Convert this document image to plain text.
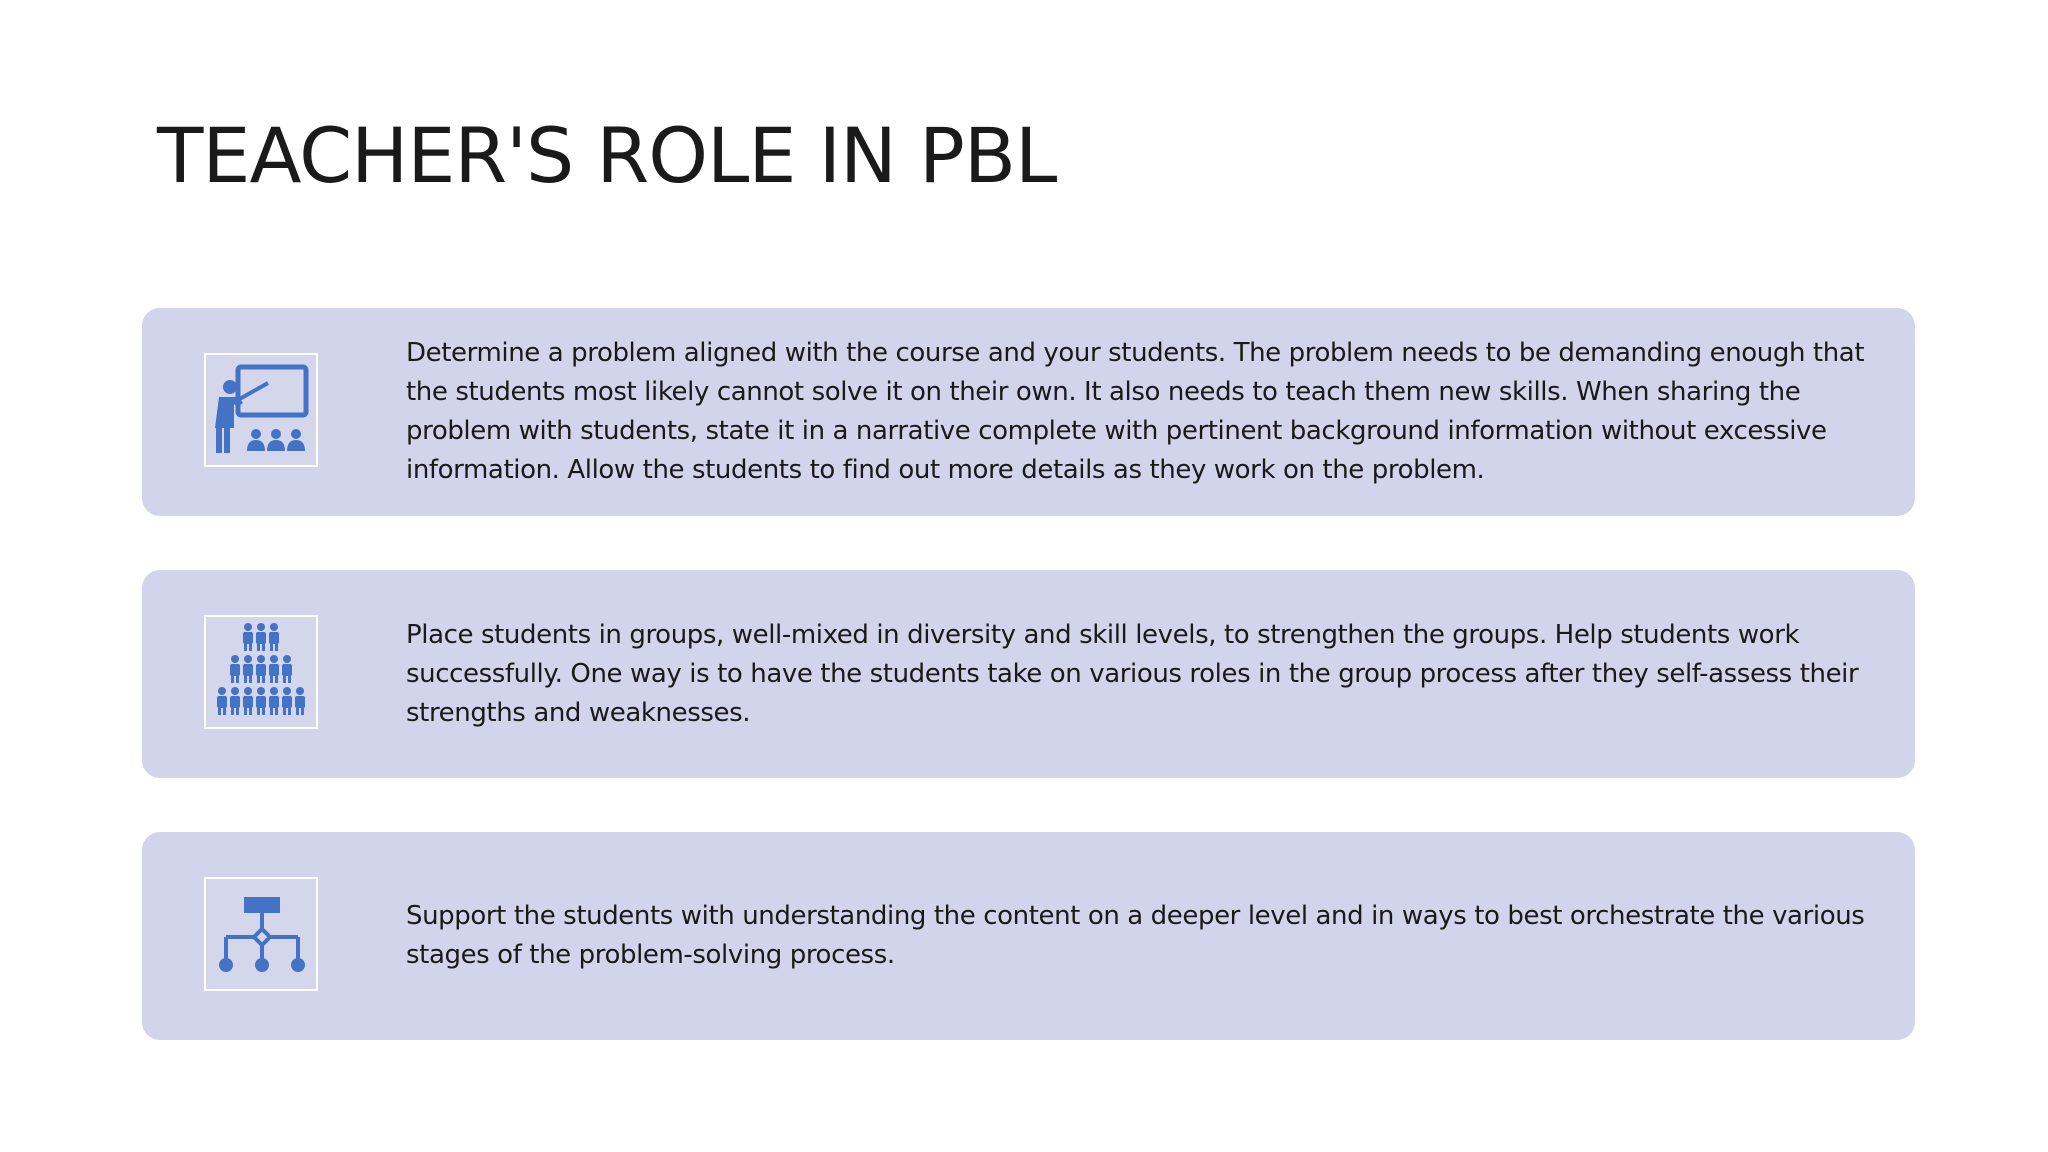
TEACHER'S ROLE IN PBL

Determine a problem aligned with the course and your students. The problem needs to be demanding enough that the students most likely cannot solve it on their own. It also needs to teach them new skills. When sharing the problem with students, state it in a narrative complete with pertinent background information without excessive information. Allow the students to find out more details as they work on the problem.

Place students in groups, well-mixed in diversity and skill levels, to strengthen the groups. Help students work successfully. One way is to have the students take on various roles in the group process after they self-assess their strengths and weaknesses.

Support the students with understanding the content on a deeper level and in ways to best orchestrate the various stages of the problem-solving process.
